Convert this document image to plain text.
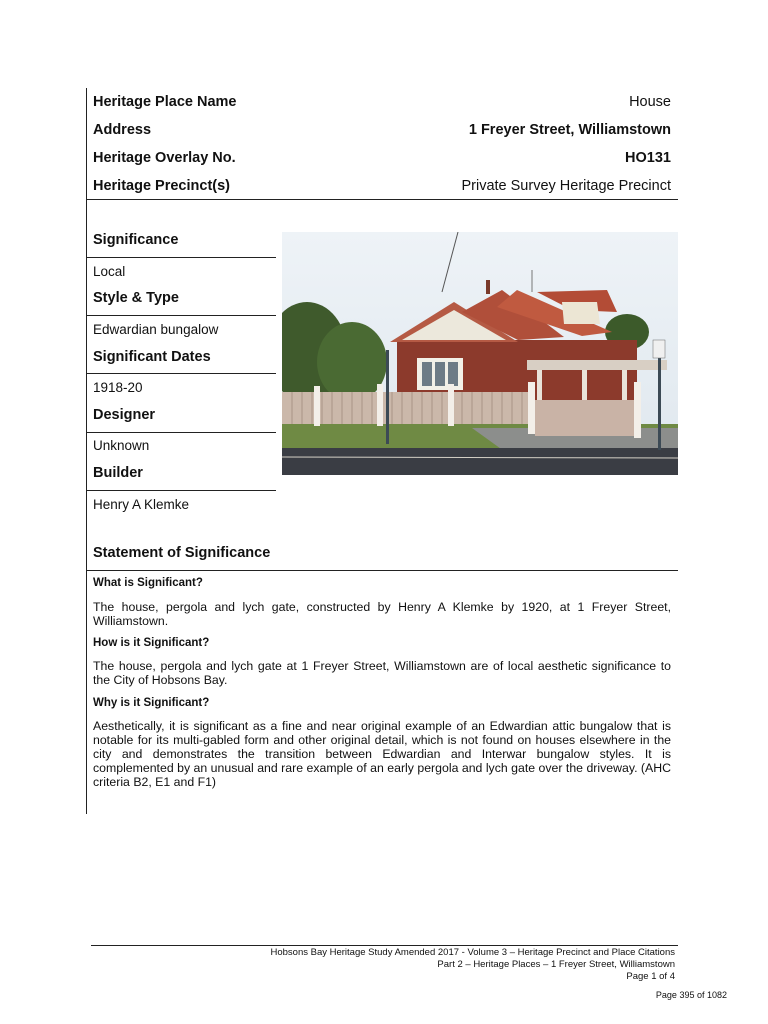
Heritage Place Name	House
Address	1 Freyer Street, Williamstown
Heritage Overlay No.	HO131
Heritage Precinct(s)	Private Survey Heritage Precinct
Significance
Local
Style & Type
Edwardian bungalow
Significant Dates
1918-20
Designer
Unknown
Builder
Henry A Klemke
Statement of Significance
What is Significant?

The house, pergola and lych gate, constructed by Henry A Klemke by 1920, at 1 Freyer Street, Williamstown.

How is it Significant?

The house, pergola and lych gate at 1 Freyer Street, Williamstown are of local aesthetic significance to the City of Hobsons Bay.

Why is it Significant?

Aesthetically, it is significant as a fine and near original example of an Edwardian attic bungalow that is notable for its multi-gabled form and other original detail, which is not found on houses elsewhere in the city and demonstrates the transition between Edwardian and Interwar bungalow styles. It is complemented by an unusual and rare example of an early pergola and lych gate over the driveway. (AHC criteria B2, E1 and F1)

Hobsons Bay Heritage Study Amended 2017 - Volume 3 – Heritage Precinct and Place Citations
Part 2 – Heritage Places – 1 Freyer Street, Williamstown
Page 1 of 4
Page 395 of 1082
